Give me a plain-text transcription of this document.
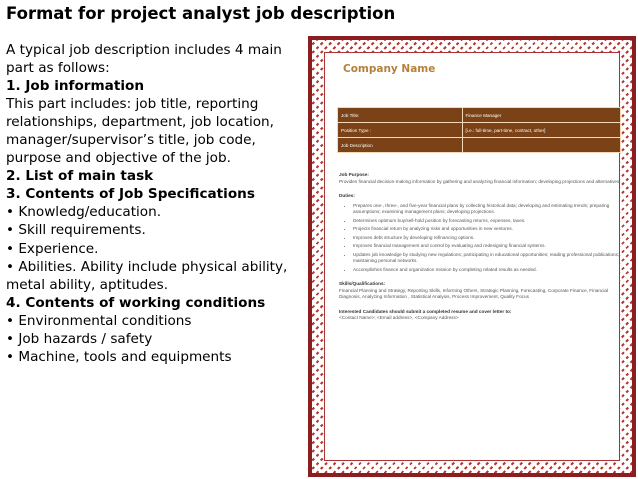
Format for project analyst job description
A typical job description includes 4 main part as follows:
1. Job information
This part includes: job title, reporting relationships, department, job location, manager/supervisor’s title, job code, purpose and objective of the job.
2. List of main task
3. Contents of Job Specifications
• Knowledg/education.
• Skill requirements.
• Experience.
• Abilities. Ability include physical ability, metal ability, aptitudes.
4. Contents of working conditions
• Environmental conditions
• Job hazards / safety
• Machine, tools and equipments
Company Name
Job Title:	Finance Manager
Position Type :	[i.e.: full-time, part-time, contract, other]
Job Description	
Job Purpose:
Provides financial decision-making information by gathering and analyzing financial information; developing projections and alternatives.
Duties:
• Prepares one-, three-, and five-year financial plans by collecting historical data; developing and estimating trends; preparing assumptions; examining management plans; developing projections.
• Determines optimum buy/sell-hold position by forecasting returns, expenses, taxes.
• Projects financial return by analyzing risks and opportunities in new ventures.
• Improves debt structure by developing refinancing options.
• Improves financial management and control by evaluating and redesigning financial systems.
• Updates job knowledge by studying new regulations; participating in educational opportunities; reading professional publications; maintaining personal networks.
• Accomplishes finance and organization mission by completing related results as needed.
Skills/Qualifications:
Financial Planning and Strategy, Reporting Skills, Informing Others, Strategic Planning, Forecasting, Corporate Finance, Financial Diagnosis, Analyzing Information , Statistical Analysis, Process Improvement, Quality Focus
Interested Candidates should submit a completed resume and cover letter to:
<Contact Name>; <Email address>, <Company Address>
